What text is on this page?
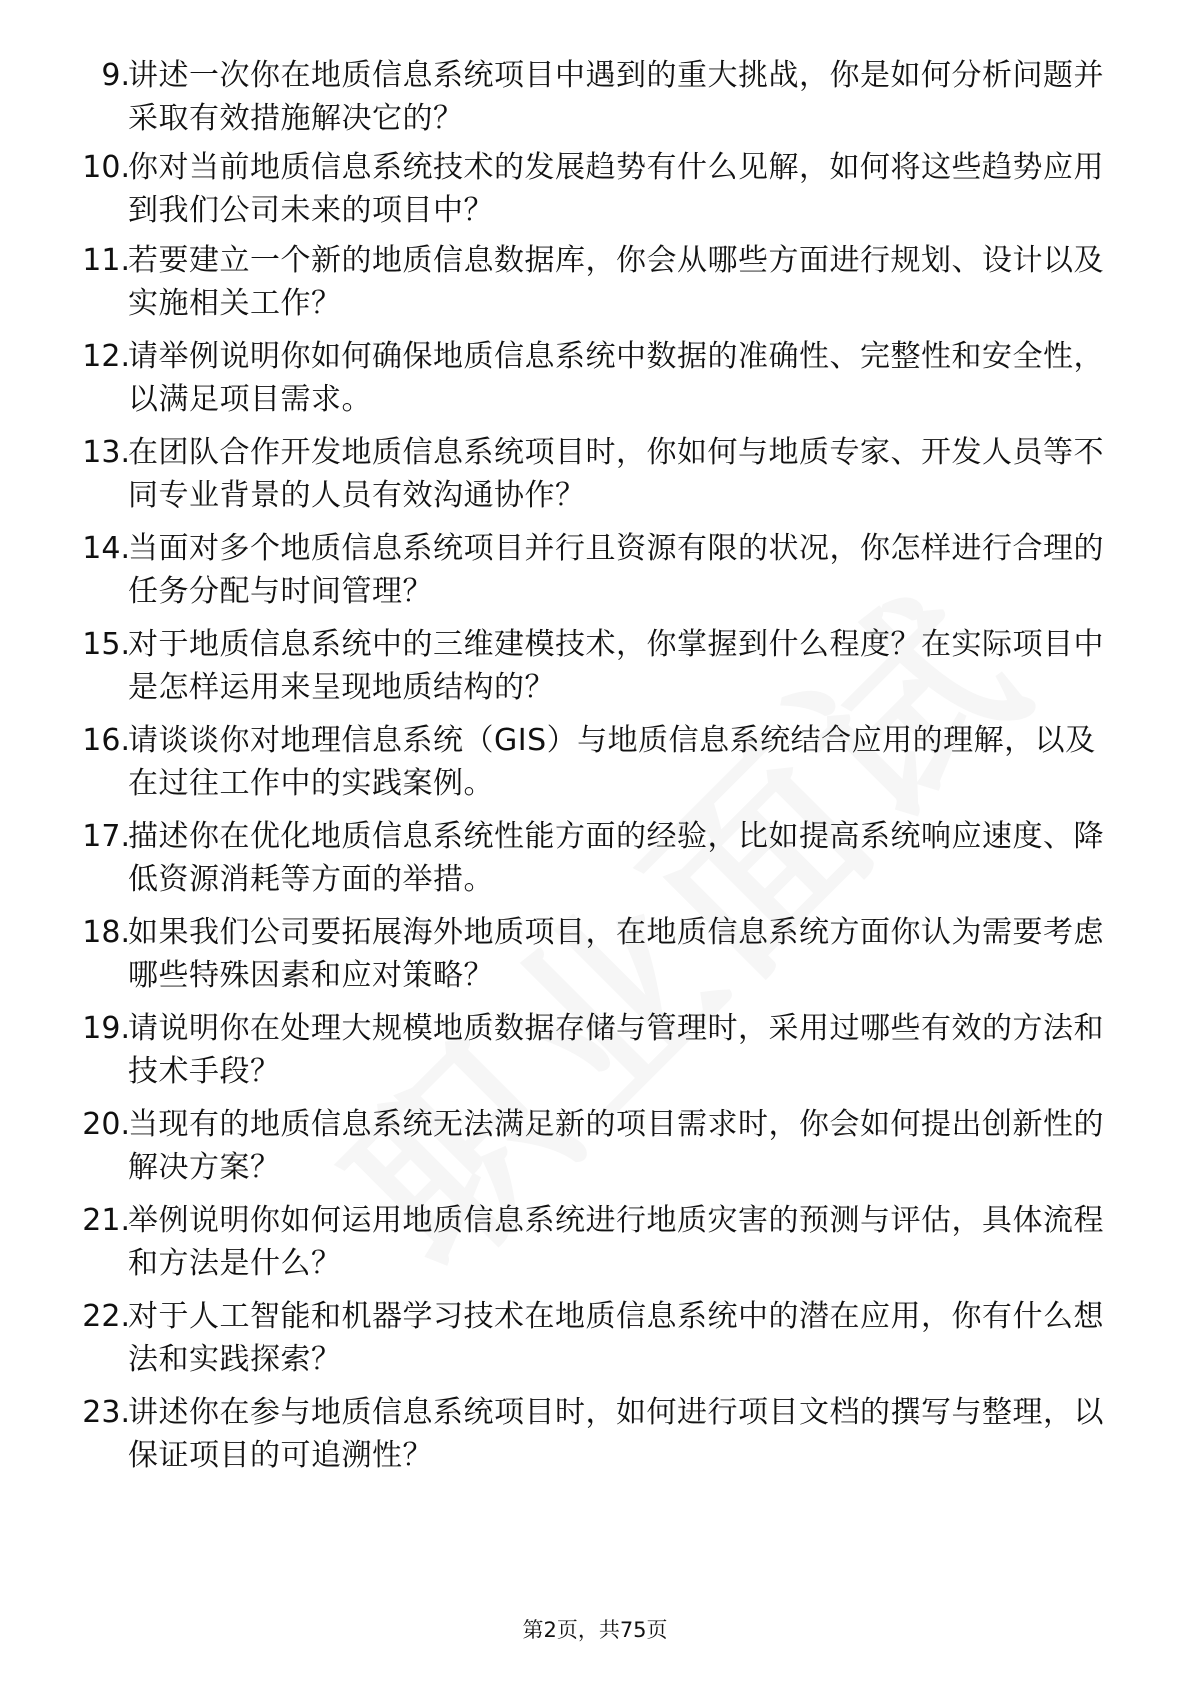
9.
讲述一次你在地质信息系统项目中遇到的重大挑战，你是如何分析问题并采取有效措施解决它的？
10.
你对当前地质信息系统技术的发展趋势有什么见解，如何将这些趋势应用到我们公司未来的项目中？
11.
若要建立一个新的地质信息数据库，你会从哪些方面进行规划、设计以及实施相关工作？
12.
请举例说明你如何确保地质信息系统中数据的准确性、完整性和安全性，以满足项目需求。
13.
在团队合作开发地质信息系统项目时，你如何与地质专家、开发人员等不同专业背景的人员有效沟通协作？
14.
当面对多个地质信息系统项目并行且资源有限的状况，你怎样进行合理的任务分配与时间管理？
15.
对于地质信息系统中的三维建模技术，你掌握到什么程度？在实际项目中是怎样运用来呈现地质结构的？
16.
请谈谈你对地理信息系统（GIS）与地质信息系统结合应用的理解，以及在过往工作中的实践案例。
17.
描述你在优化地质信息系统性能方面的经验，比如提高系统响应速度、降低资源消耗等方面的举措。
18.
如果我们公司要拓展海外地质项目，在地质信息系统方面你认为需要考虑哪些特殊因素和应对策略？
19.
请说明你在处理大规模地质数据存储与管理时，采用过哪些有效的方法和技术手段？
20.
当现有的地质信息系统无法满足新的项目需求时，你会如何提出创新性的解决方案？
21.
举例说明你如何运用地质信息系统进行地质灾害的预测与评估，具体流程和方法是什么？
22.
对于人工智能和机器学习技术在地质信息系统中的潜在应用，你有什么想法和实践探索？
23.
讲述你在参与地质信息系统项目时，如何进行项目文档的撰写与整理，以保证项目的可追溯性？
第2页，共75页
